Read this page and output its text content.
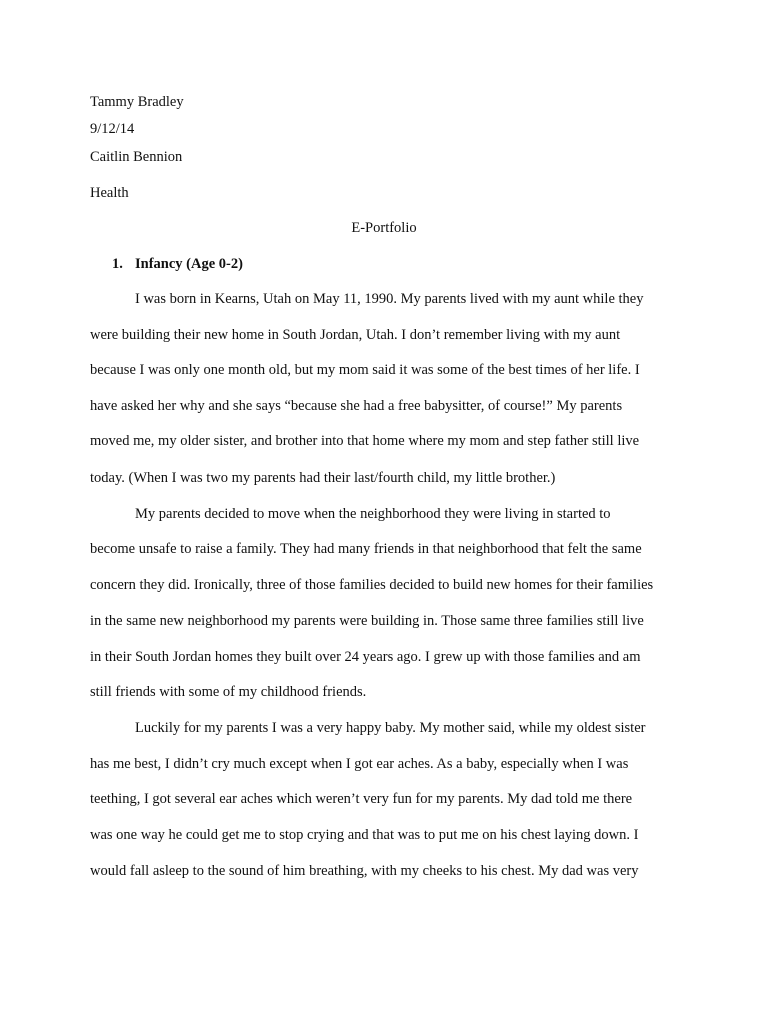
Tammy Bradley
9/12/14
Caitlin Bennion
Health
E-Portfolio
1. Infancy (Age 0-2)
I was born in Kearns, Utah on May 11, 1990. My parents lived with my aunt while they
were building their new home in South Jordan, Utah. I don’t remember living with my aunt
because I was only one month old, but my mom said it was some of the best times of her life. I
have asked her why and she says “because she had a free babysitter, of course!” My parents
moved me, my older sister, and brother into that home where my mom and step father still live
today. (When I was two my parents had their last/fourth child, my little brother.)
My parents decided to move when the neighborhood they were living in started to
become unsafe to raise a family. They had many friends in that neighborhood that felt the same
concern they did. Ironically, three of those families decided to build new homes for their families
in the same new neighborhood my parents were building in. Those same three families still live
in their South Jordan homes they built over 24 years ago. I grew up with those families and am
still friends with some of my childhood friends.
Luckily for my parents I was a very happy baby. My mother said, while my oldest sister
has me best, I didn’t cry much except when I got ear aches. As a baby, especially when I was
teething, I got several ear aches which weren’t very fun for my parents. My dad told me there
was one way he could get me to stop crying and that was to put me on his chest laying down. I
would fall asleep to the sound of him breathing, with my cheeks to his chest. My dad was very
